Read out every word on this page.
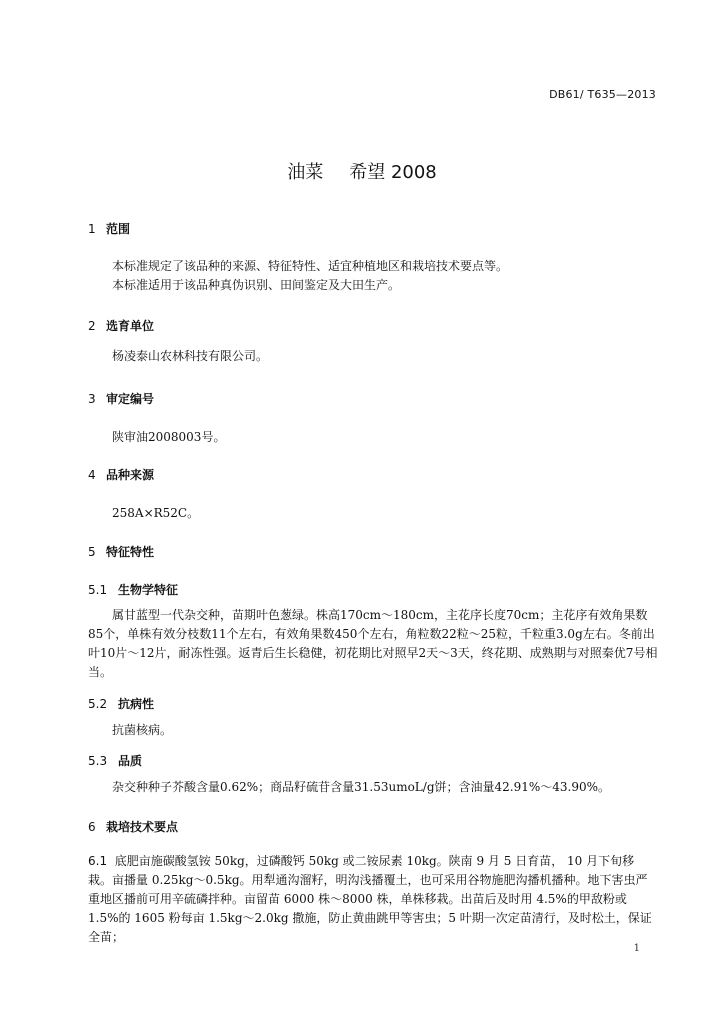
DB61/ T635—2013
油菜 希望 2008
1 范围
本标准规定了该品种的来源、特征特性、适宜种植地区和栽培技术要点等。
本标准适用于该品种真伪识别、田间鉴定及大田生产。
2 选育单位
杨凌泰山农林科技有限公司。
3 审定编号
陕审油2008003号。
4 品种来源
258A×R52C。
5 特征特性
5.1 生物学特征
属甘蓝型一代杂交种，苗期叶色葱绿。株高170cm～180cm，主花序长度70cm；主花序有效角果数85个，单株有效分枝数11个左右，有效角果数450个左右，角粒数22粒～25粒，千粒重3.0g左右。冬前出叶10片～12片，耐冻性强。返青后生长稳健，初花期比对照早2天～3天，终花期、成熟期与对照秦优7号相当。
5.2 抗病性
抗菌核病。
5.3 品质
杂交种种子芥酸含量0.62%；商品籽硫苷含量31.53umoL/g饼；含油量42.91%～43.90%。
6 栽培技术要点
6.1 底肥亩施碳酸氢铵 50kg，过磷酸钙 50kg 或二铵尿素 10kg。陕南 9 月 5 日育苗， 10 月下旬移栽。亩播量 0.25kg～0.5kg。用犁通沟溜籽，明沟浅播覆土，也可采用谷物施肥沟播机播种。地下害虫严重地区播前可用辛硫磷拌种。亩留苗 6000 株～8000 株，单株移栽。出苗后及时用 4.5%的甲敌粉或 1.5%的 1605 粉每亩 1.5kg～2.0kg 撒施，防止黄曲跳甲等害虫；5 叶期一次定苗清行，及时松土，保证全苗；
1
